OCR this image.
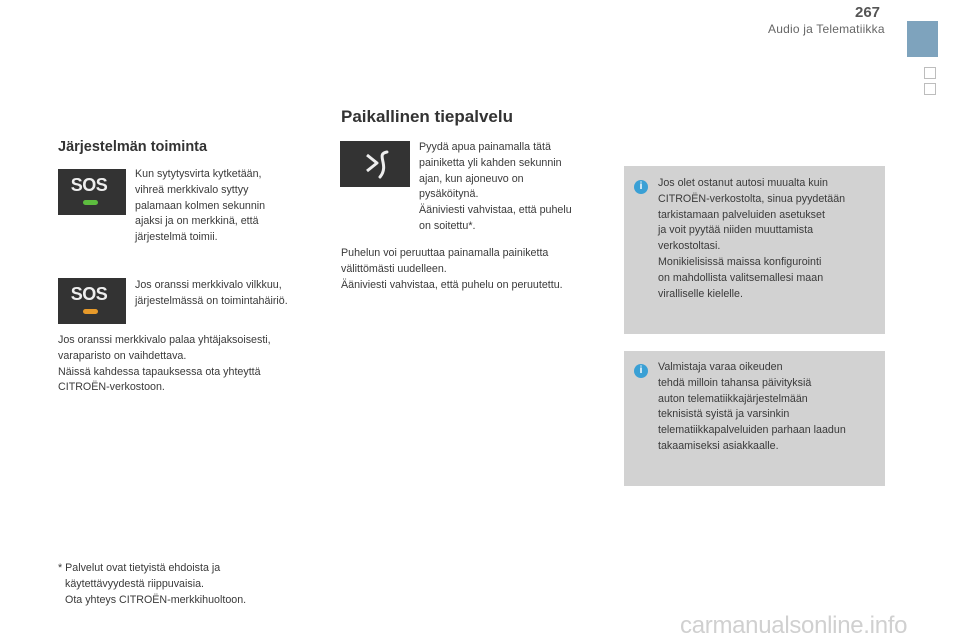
267
Audio ja Telematiikka
Järjestelmän toiminta
SOS
Kun sytytysvirta kytketään,
vihreä merkkivalo syttyy
palamaan kolmen sekunnin
ajaksi ja on merkkinä, että
järjestelmä toimii.
SOS	Jos oranssi merkkivalo vilkkuu,
järjestelmässä on toimintahäiriö.
Jos oranssi merkkivalo palaa yhtäjaksoisesti,
varaparisto on vaihdettava.
Näissä kahdessa tapauksessa ota yhteyttä
CITROËN-verkostoon.
* Palvelut ovat tietyistä ehdoista ja
käytettävyydestä riippuvaisia.
Ota yhteys CITROËN-merkkihuoltoon.
Paikallinen tiepalvelu
Pyydä apua painamalla tätä
painiketta yli kahden sekunnin
ajan, kun ajoneuvo on
pysäköitynä.
Ääniviesti vahvistaa, että puhelu
on soitettu*.
Puhelun voi peruuttaa painamalla painiketta
välittömästi uudelleen.
Ääniviesti vahvistaa, että puhelu on peruutettu.
i	Jos olet ostanut autosi muualta kuin
CITROËN-verkostolta, sinua pyydetään
tarkistamaan palveluiden asetukset
ja voit pyytää niiden muuttamista
verkostoltasi.
Monikielisissä maissa konfigurointi
on mahdollista valitsemallesi maan
viralliselle kielelle.
i	Valmistaja varaa oikeuden
tehdä milloin tahansa päivityksiä
auton telematiikkajärjestelmään
teknisistä syistä ja varsinkin
telematiikkapalveluiden parhaan laadun
takaamiseksi asiakkaalle.
carmanualsonline.info
